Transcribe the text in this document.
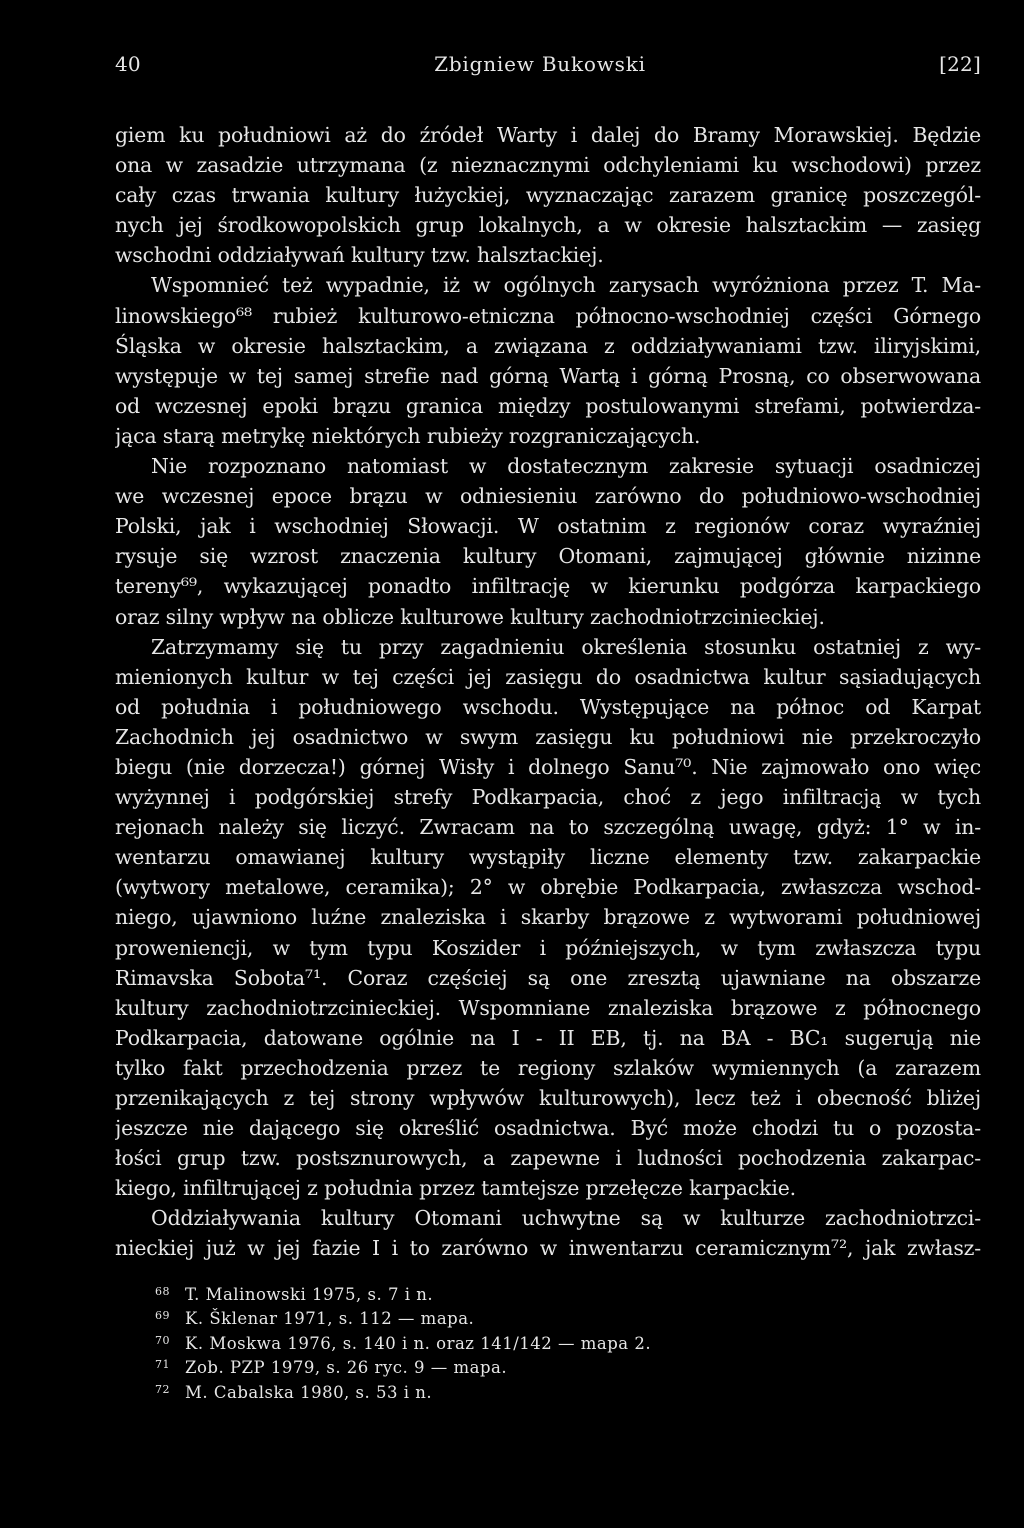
40	Zbigniew Bukowski	[22]
giem ku południowi aż do źródeł Warty i dalej do Bramy Morawskiej. Będzie
ona w zasadzie utrzymana (z nieznacznymi odchyleniami ku wschodowi) przez
cały czas trwania kultury łużyckiej, wyznaczając zarazem granicę poszczegól-
nych jej środkowopolskich grup lokalnych, a w okresie halsztackim — zasięg
wschodni oddziaływań kultury tzw. halsztackiej.
Wspomnieć też wypadnie, iż w ogólnych zarysach wyróżniona przez T. Ma-
linowskiego⁶⁸ rubież kulturowo-etniczna północno-wschodniej części Górnego
Śląska w okresie halsztackim, a związana z oddziaływaniami tzw. iliryjskimi,
występuje w tej samej strefie nad górną Wartą i górną Prosną, co obserwowana
od wczesnej epoki brązu granica między postulowanymi strefami, potwierdza-
jąca starą metrykę niektórych rubieży rozgraniczających.
Nie rozpoznano natomiast w dostatecznym zakresie sytuacji osadniczej
we wczesnej epoce brązu w odniesieniu zarówno do południowo-wschodniej
Polski, jak i wschodniej Słowacji. W ostatnim z regionów coraz wyraźniej
rysuje się wzrost znaczenia kultury Otomani, zajmującej głównie nizinne
tereny⁶⁹, wykazującej ponadto infiltrację w kierunku podgórza karpackiego
oraz silny wpływ na oblicze kulturowe kultury zachodniotrzcinieckiej.
Zatrzymamy się tu przy zagadnieniu określenia stosunku ostatniej z wy-
mienionych kultur w tej części jej zasięgu do osadnictwa kultur sąsiadujących
od południa i południowego wschodu. Występujące na północ od Karpat
Zachodnich jej osadnictwo w swym zasięgu ku południowi nie przekroczyło
biegu (nie dorzecza!) górnej Wisły i dolnego Sanu⁷⁰. Nie zajmowało ono więc
wyżynnej i podgórskiej strefy Podkarpacia, choć z jego infiltracją w tych
rejonach należy się liczyć. Zwracam na to szczególną uwagę, gdyż: 1° w in-
wentarzu omawianej kultury wystąpiły liczne elementy tzw. zakarpackie
(wytwory metalowe, ceramika); 2° w obrębie Podkarpacia, zwłaszcza wschod-
niego, ujawniono luźne znaleziska i skarby brązowe z wytworami południowej
proweniencji, w tym typu Koszider i późniejszych, w tym zwłaszcza typu
Rimavska Sobota⁷¹. Coraz częściej są one zresztą ujawniane na obszarze
kultury zachodniotrzcinieckiej. Wspomniane znaleziska brązowe z północnego
Podkarpacia, datowane ogólnie na I - II EB, tj. na BA - BC₁ sugerują nie
tylko fakt przechodzenia przez te regiony szlaków wymiennych (a zarazem
przenikających z tej strony wpływów kulturowych), lecz też i obecność bliżej
jeszcze nie dającego się określić osadnictwa. Być może chodzi tu o pozosta-
łości grup tzw. postsznurowych, a zapewne i ludności pochodzenia zakarpac-
kiego, infiltrującej z południa przez tamtejsze przełęcze karpackie.
Oddziaływania kultury Otomani uchwytne są w kulturze zachodniotrzci-
nieckiej już w jej fazie I i to zarówno w inwentarzu ceramicznym⁷², jak zwłasz-
68 T. Malinowski 1975, s. 7 i n.
69 K. Šklenar 1971, s. 112 — mapa.
70 K. Moskwa 1976, s. 140 i n. oraz 141/142 — mapa 2.
71 Zob. PZP 1979, s. 26 ryc. 9 — mapa.
72 M. Cabalska 1980, s. 53 i n.
